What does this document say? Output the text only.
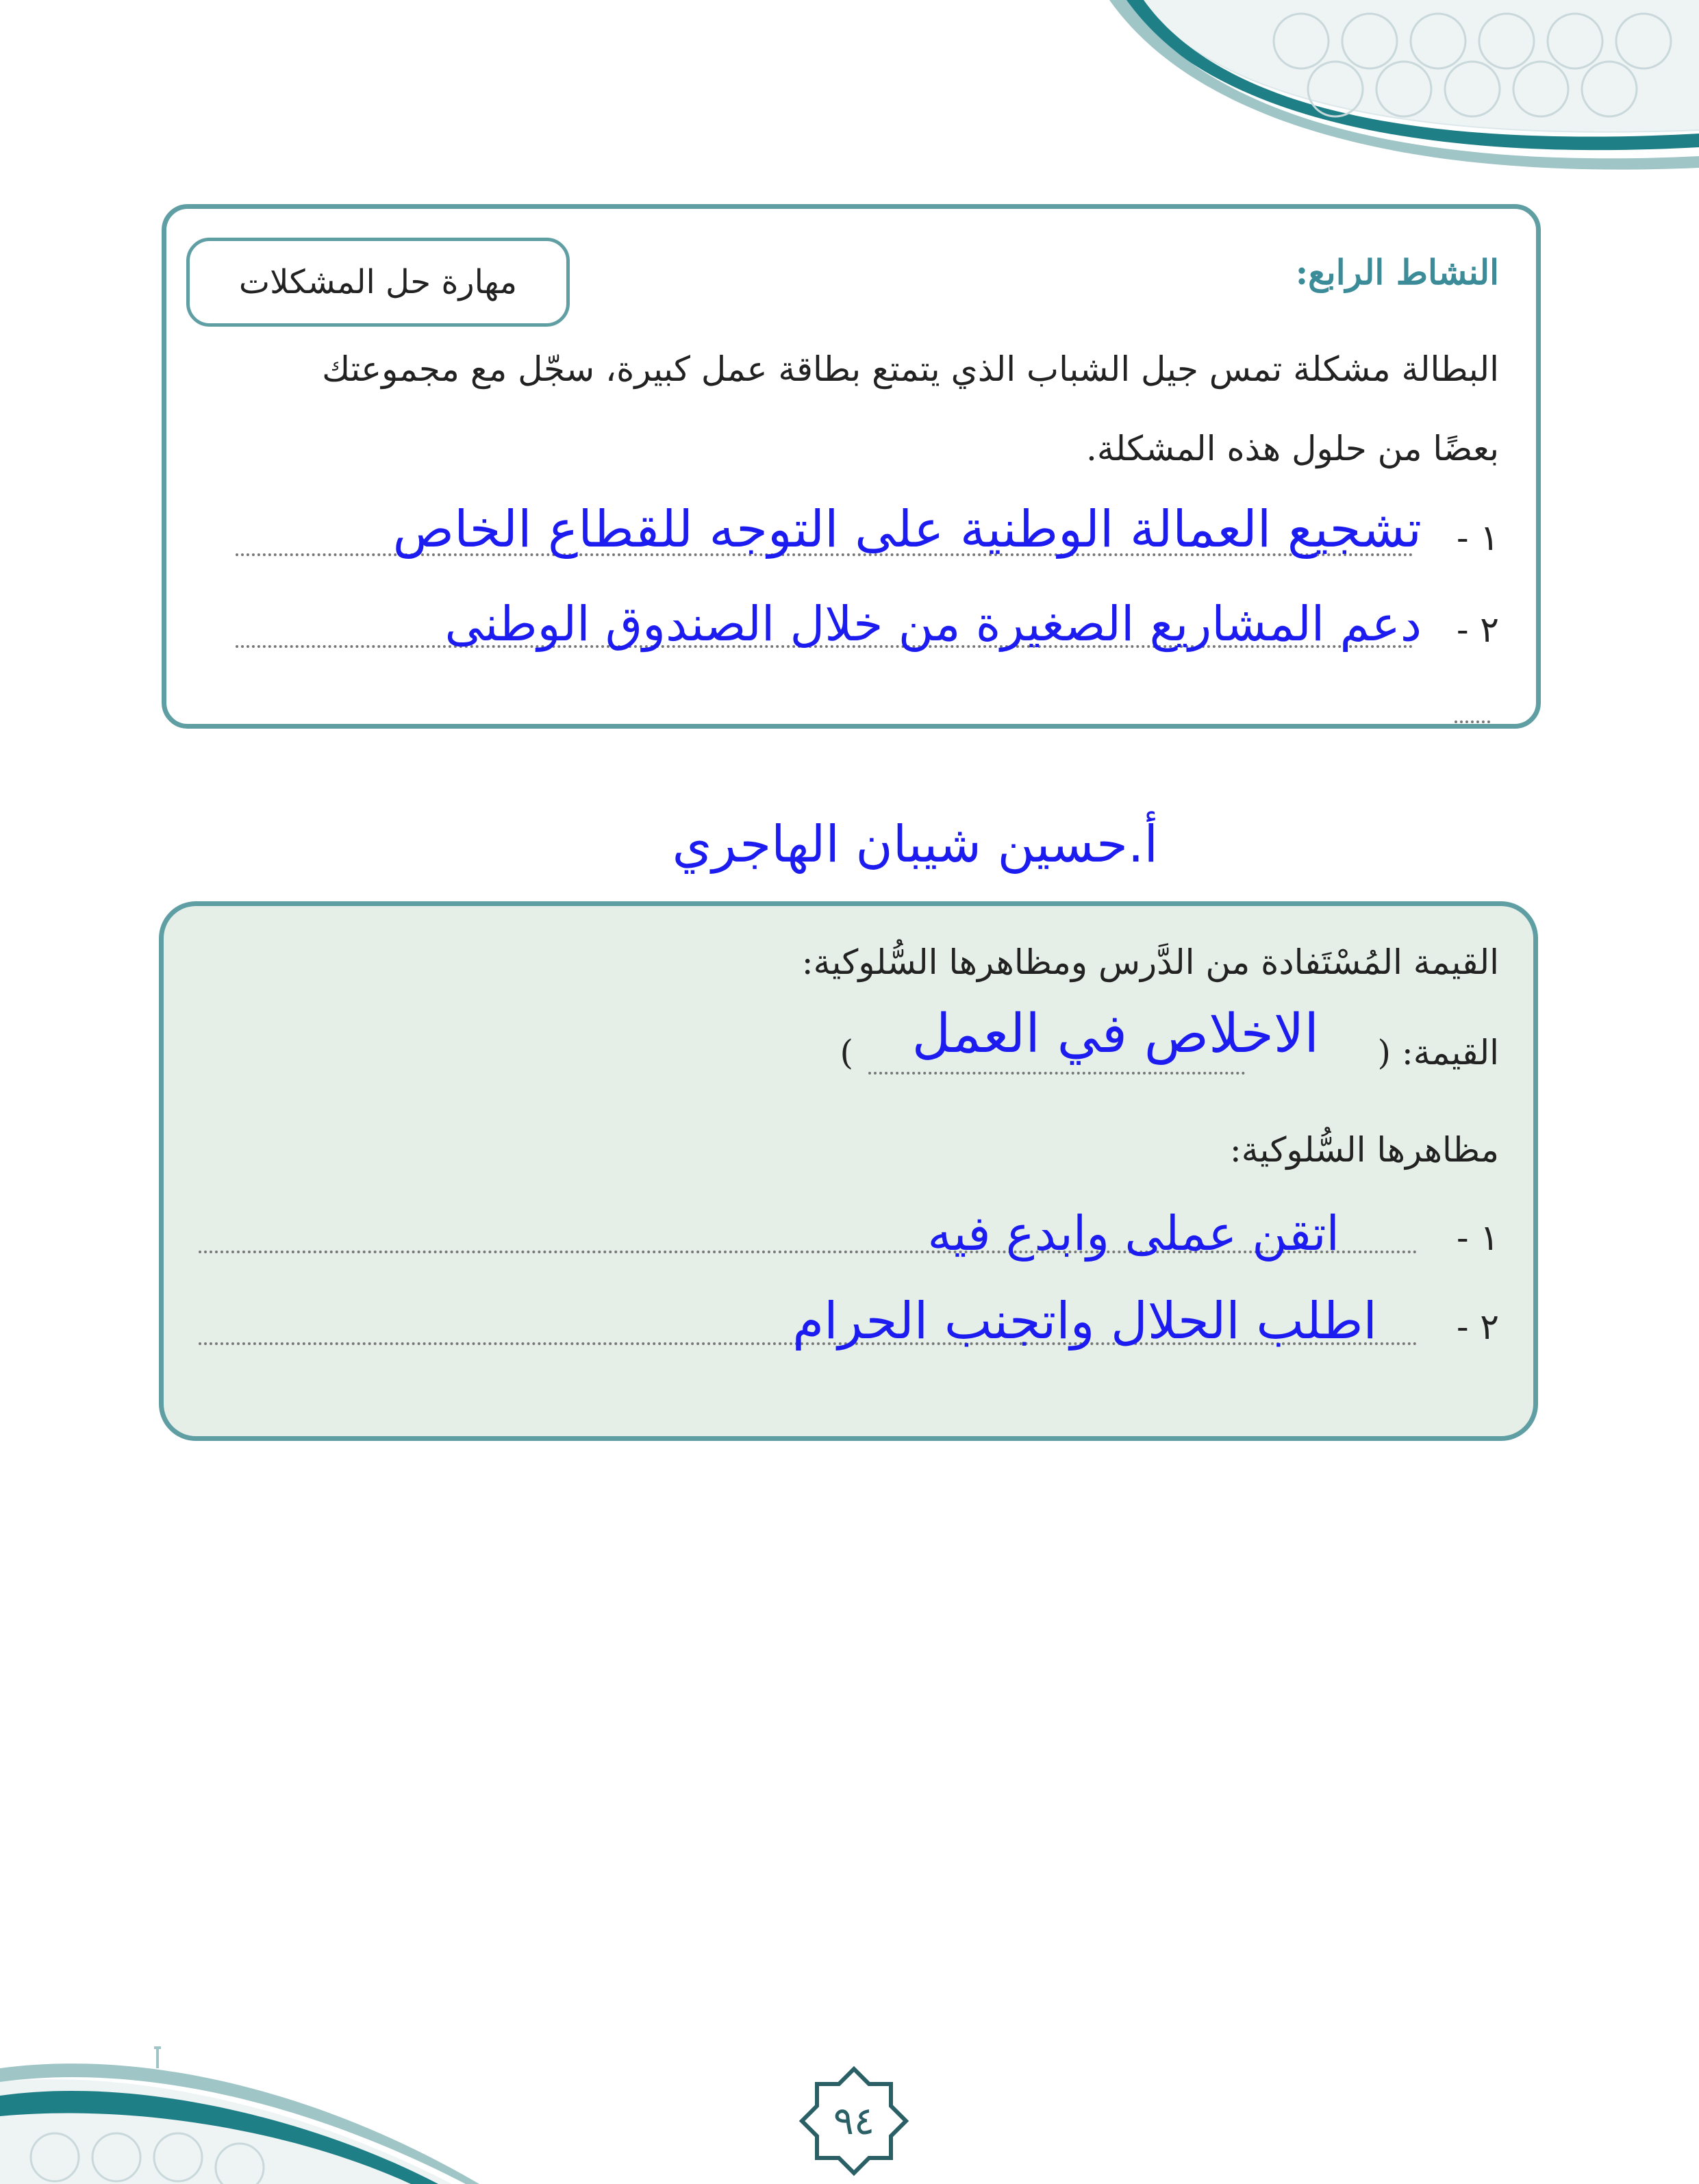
مهارة حل المشكلات	النشاط الرابع:
البطالة مشكلة تمس جيل الشباب الذي يتمتع بطاقة عمل كبيرة، سجّل مع مجموعتك
بعضًا من حلول هذه المشكلة.
١ -
تشجيع العمالة الوطنية على التوجه للقطاع الخاص
٢ -
دعم المشاريع الصغيرة من خلال الصندوق الوطنى
أ.حسين شيبان الهاجري
القيمة المُسْتَفادة من الدَّرس ومظاهرها السُّلوكية:
القيمة: (
) الاخلاص في العمل
مظاهرها السُّلوكية:
١ -
اتقن عملى وابدع فيه
٢ -
اطلب الحلال واتجنب الحرام
٩٤
